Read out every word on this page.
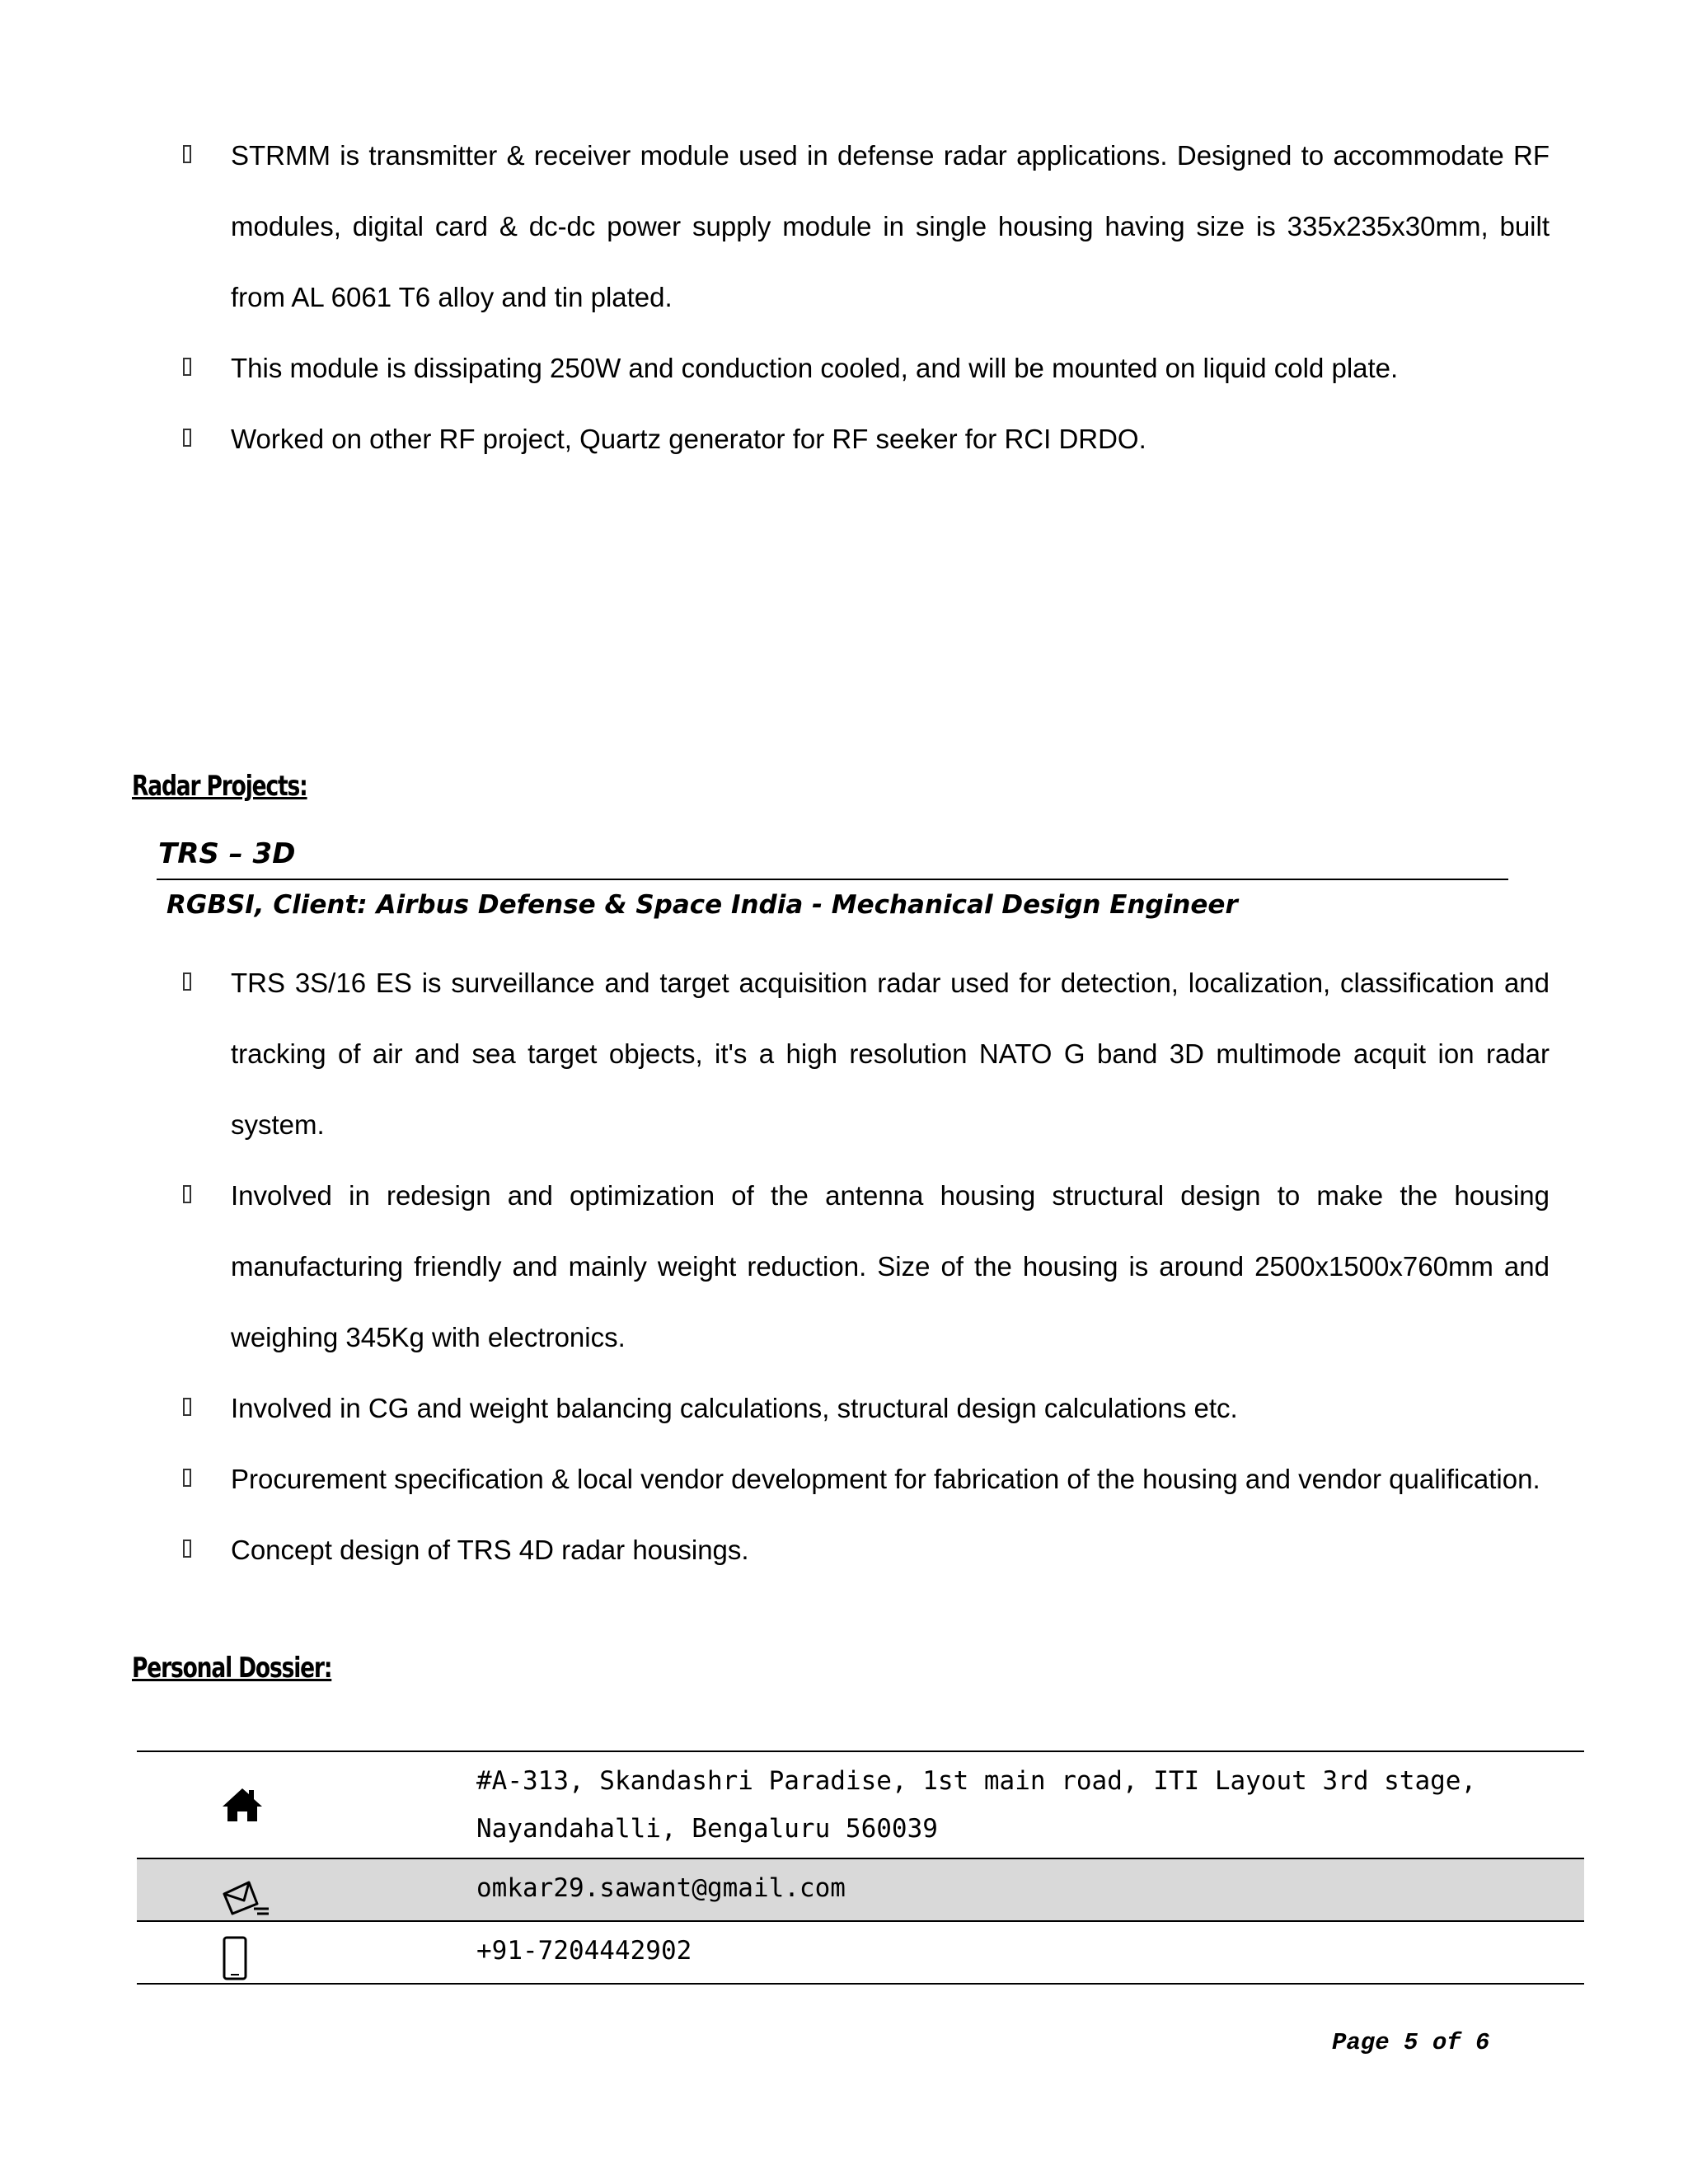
STRMM is transmitter & receiver module used in defense radar applications. Designed to accommodate RF modules, digital card & dc-dc power supply module in single housing having size is 335x235x30mm, built from AL 6061 T6 alloy and tin plated.
This module is dissipating 250W and conduction cooled, and will be mounted on liquid cold plate.
Worked on other RF project, Quartz generator for RF seeker for RCI DRDO.
Radar Projects:
TRS – 3D
RGBSI, Client: Airbus Defense & Space India - Mechanical Design Engineer
TRS 3S/16 ES is surveillance and target acquisition radar used for detection, localization, classification and tracking of air and sea target objects, it's a high resolution NATO G band 3D multimode acquit ion radar system.
Involved in redesign and optimization of the antenna housing structural design to make the housing manufacturing friendly and mainly weight reduction. Size of the housing is around 2500x1500x760mm and weighing 345Kg with electronics.
Involved in CG and weight balancing calculations, structural design calculations etc.
Procurement specification & local vendor development for fabrication of the housing and vendor qualification.
Concept design of TRS 4D radar housings.
Personal Dossier:

#A-313, Skandashri Paradise, 1st main road, ITI Layout 3rd stage,
Nayandahalli, Bengaluru 560039

omkar29.sawant@gmail.com

+91-7204442902
Page 5 of 6
